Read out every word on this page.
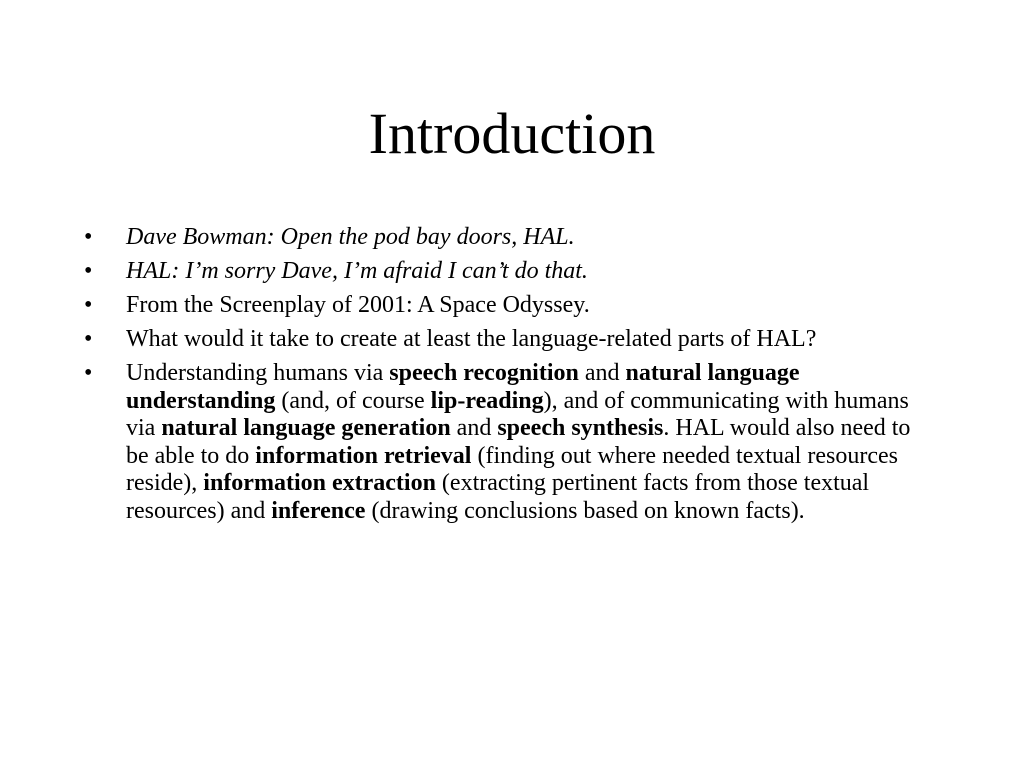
Introduction
•	Dave Bowman: Open the pod bay doors, HAL.
•	HAL: I’m sorry Dave, I’m afraid I can’t do that.
•	From the Screenplay of 2001: A Space Odyssey.
•	What would it take to create at least the language-related parts of HAL?
•	Understanding humans via speech recognition and natural language understanding (and, of course lip-reading), and of communicating with humans via natural language generation and speech synthesis. HAL would also need to be able to do information retrieval (finding out where needed textual resources reside), information extraction (extracting pertinent facts from those textual resources) and inference (drawing conclusions based on known facts).
